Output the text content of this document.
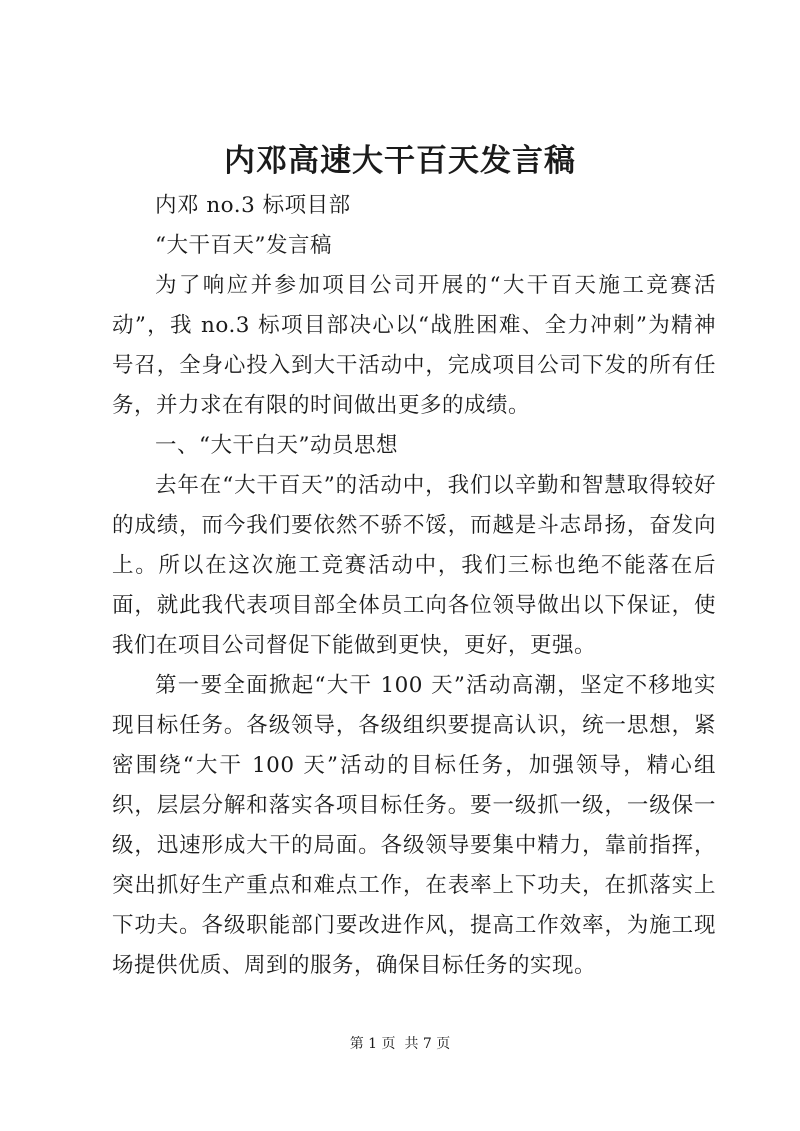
内邓高速大干百天发言稿

内邓 no.3 标项目部

“大干百天”发言稿

为了响应并参加项目公司开展的“大干百天施工竞赛活动”，我 no.3 标项目部决心以“战胜困难、全力冲刺”为精神号召，全身心投入到大干活动中，完成项目公司下发的所有任务，并力求在有限的时间做出更多的成绩。

一、“大干白天”动员思想

去年在“大干百天”的活动中，我们以辛勤和智慧取得较好的成绩，而今我们要依然不骄不馁，而越是斗志昂扬，奋发向上。所以在这次施工竞赛活动中，我们三标也绝不能落在后面，就此我代表项目部全体员工向各位领导做出以下保证，使我们在项目公司督促下能做到更快，更好，更强。

第一要全面掀起“大干 100 天”活动高潮，坚定不移地实现目标任务。各级领导，各级组织要提高认识，统一思想，紧密围绕“大干 100 天”活动的目标任务，加强领导，精心组织，层层分解和落实各项目标任务。要一级抓一级，一级保一级，迅速形成大干的局面。各级领导要集中精力，靠前指挥，突出抓好生产重点和难点工作，在表率上下功夫，在抓落实上下功夫。各级职能部门要改进作风，提高工作效率，为施工现场提供优质、周到的服务，确保目标任务的实现。

第 1 页  共 7 页
